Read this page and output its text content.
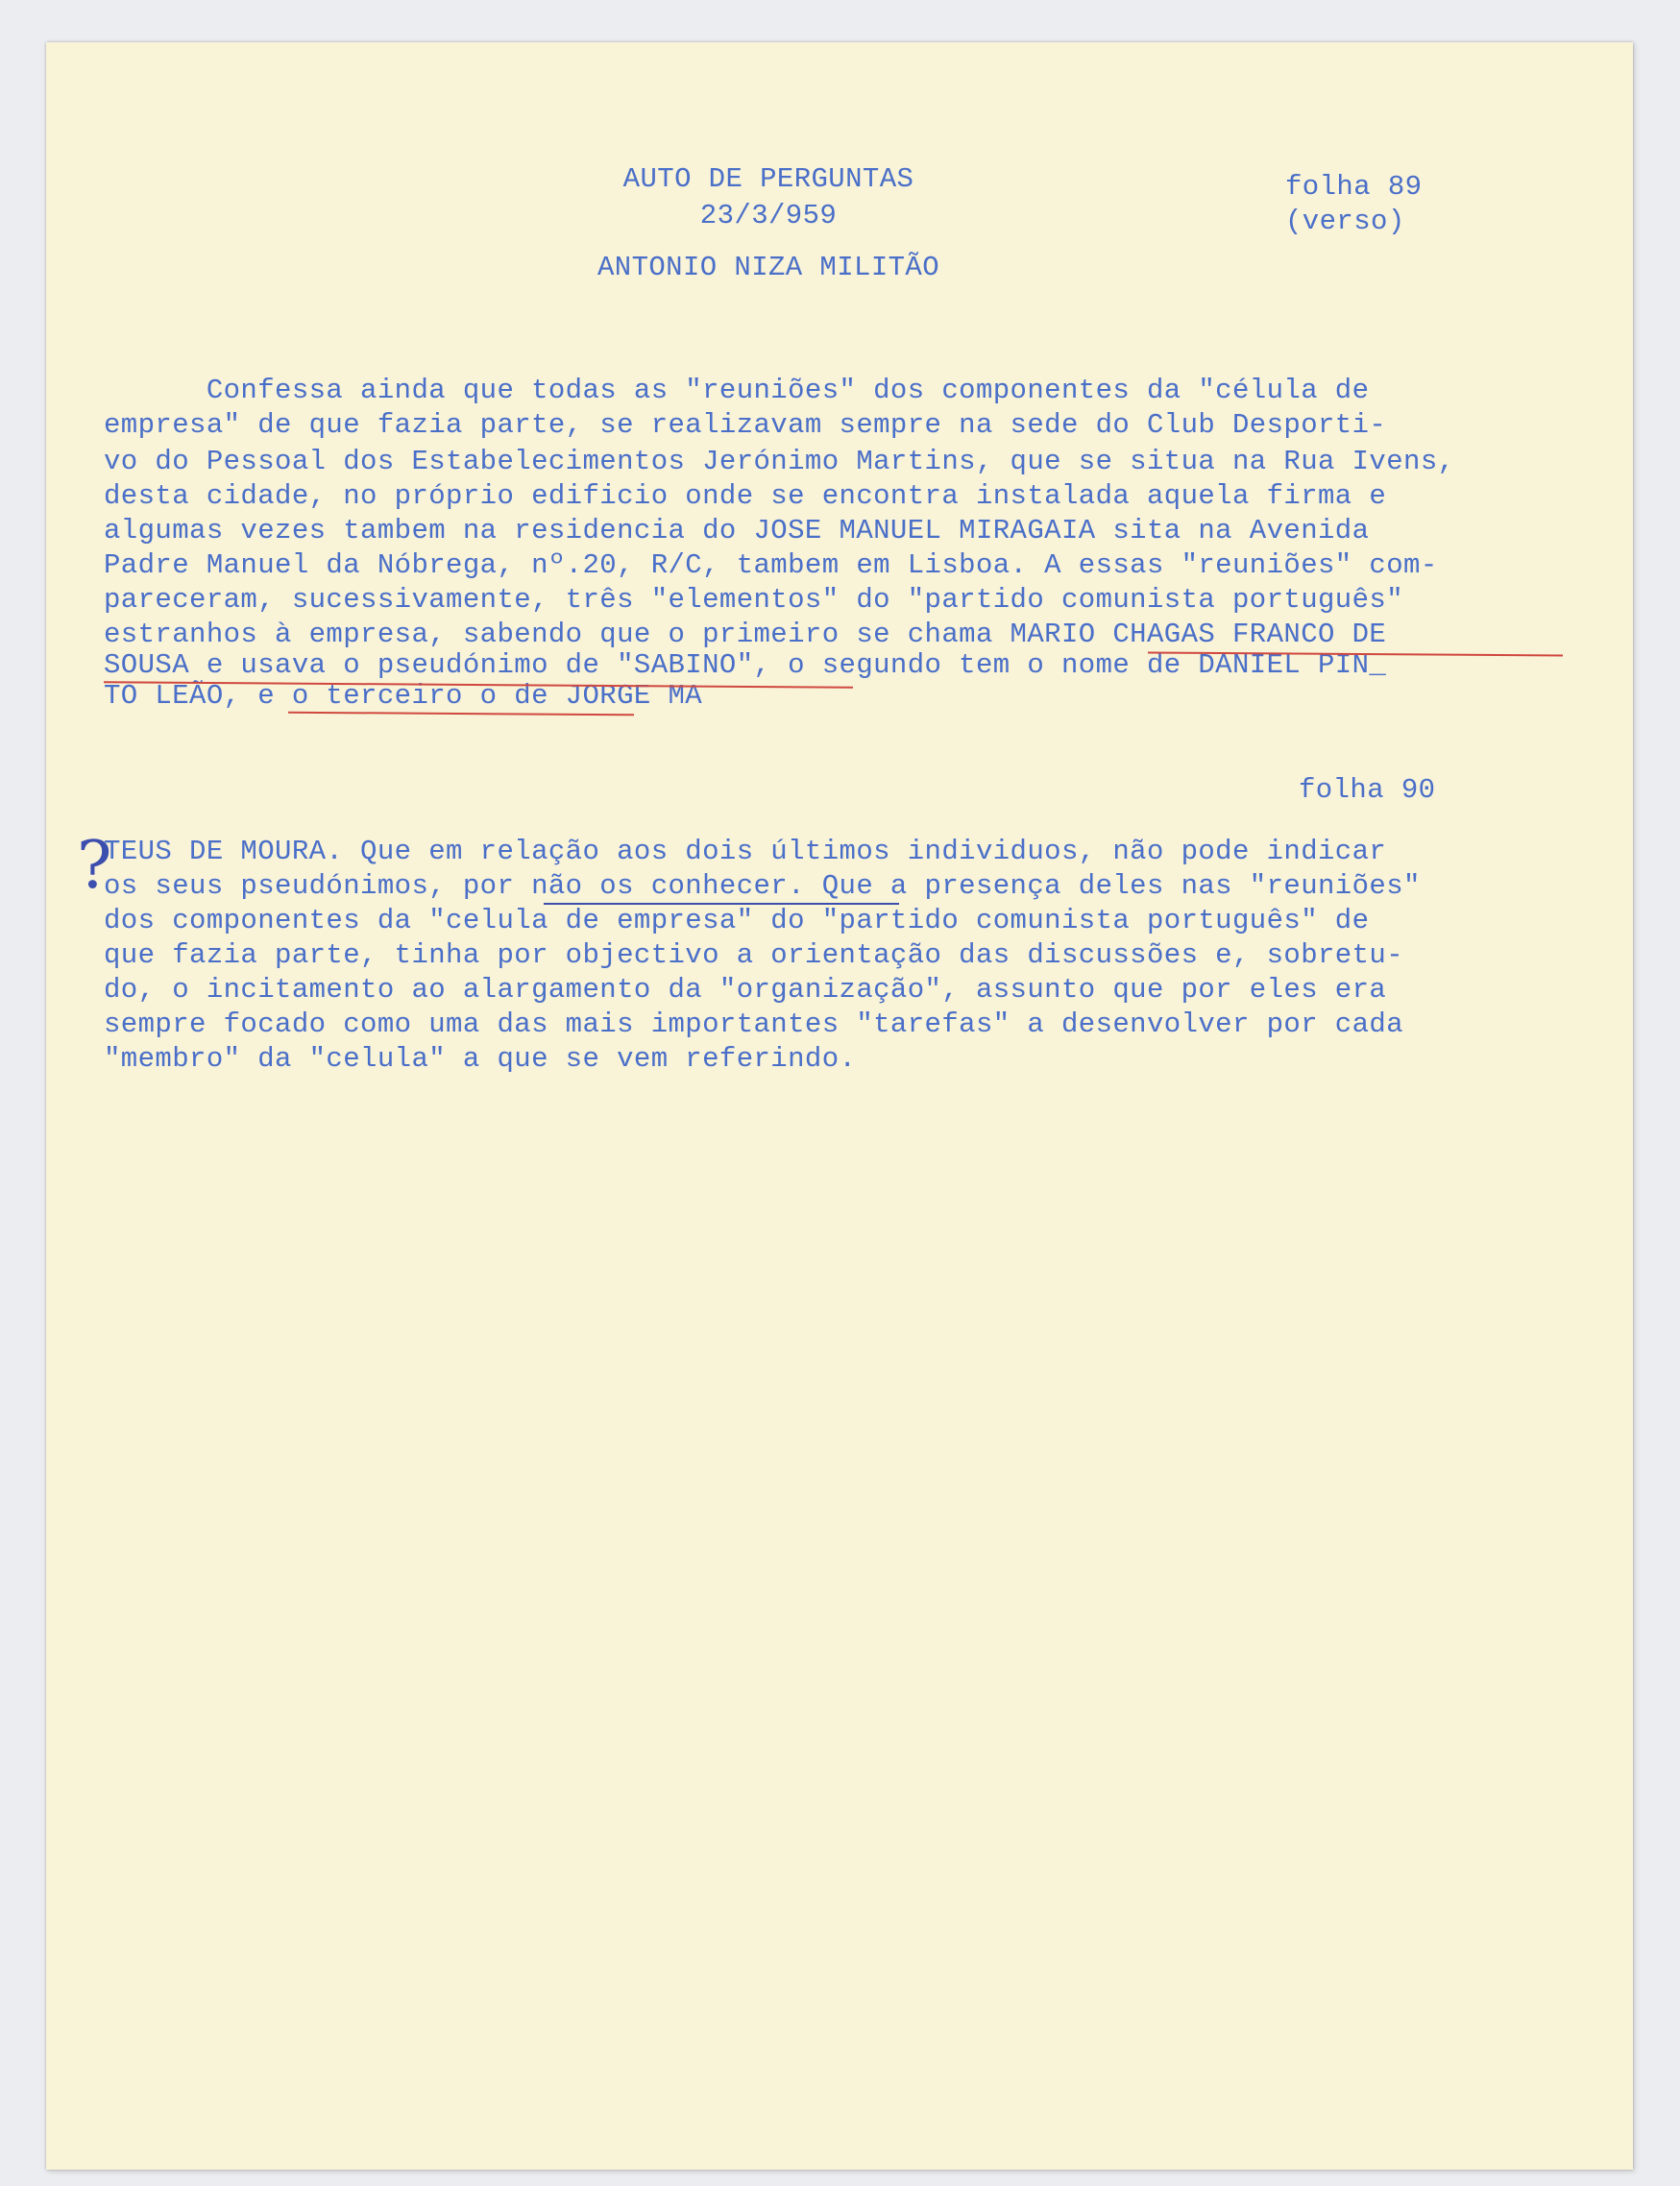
AUTO DE PERGUNTAS
23/3/959
ANTONIO NIZA MILITÃO
folha 89
(verso)
Confessa ainda que todas as "reuniões" dos componentes da "célula de
empresa" de que fazia parte, se realizavam sempre na sede do Club Desporti-
vo do Pessoal dos Estabelecimentos Jerónimo Martins, que se situa na Rua Ivens,
desta cidade, no próprio edificio onde se encontra instalada aquela firma e
algumas vezes tambem na residencia do JOSE MANUEL MIRAGAIA sita na Avenida
Padre Manuel da Nóbrega, nº.20, R/C, tambem em Lisboa. A essas "reuniões" com-
pareceram, sucessivamente, três "elementos" do "partido comunista português"
estranhos à empresa, sabendo que o primeiro se chama MARIO CHAGAS FRANCO DE
SOUSA e usava o pseudónimo de "SABINO", o segundo tem o nome de DANIEL PIN_
TO LEÃO, e o terceiro o de JORGE MA
folha 90
?
TEUS DE MOURA. Que em relação aos dois últimos individuos, não pode indicar
os seus pseudónimos, por não os conhecer. Que a presença deles nas "reuniões"
dos componentes da "celula de empresa" do "partido comunista português" de
que fazia parte, tinha por objectivo a orientação das discussões e, sobretu-
do, o incitamento ao alargamento da "organização", assunto que por eles era
sempre focado como uma das mais importantes "tarefas" a desenvolver por cada
"membro" da "celula" a que se vem referindo.
